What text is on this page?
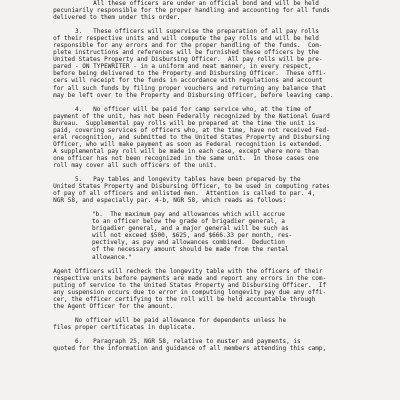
All these officers are under an official bond and will be held
pecuniarily responsible for the proper handling and accounting for all funds
delivered to them under this order.
3.   These officers will supervise the preparation of all pay rolls
of their respective units and will compute the pay rolls and will be held
responsible for any errors and for the proper handling of the funds.  Com-
plete instructions and references will be furnished these officers by the
United States Property and Disbursing Officer.  All pay rolls will be pre-
pared - ON TYPEWRITER - in a uniform and neat manner, in every respect,
before being delivered to the Property and Disbursing Officer.  These offi-
cers will receipt for the funds in accordance with regulations and account
for all such funds by filing proper vouchers and returning any balance that
may be left over to the Property and Disbursing Officer, before leaving camp.
4.   No officer will be paid for camp service who, at the time of
payment of the unit, has not been Federally recognized by the National Guard
Bureau.  Supplemental pay rolls will be prepared at the time the unit is
paid, covering services of officers who, at the time, have not received Fed-
eral recognition, and submitted to the United States Property and Disbursing
Officer, who will make payment as soon as Federal recognition is extended.
A supplemental pay roll will be made in each case, except where more than
one officer has not been recognized in the same unit.  In those cases one
roll may cover all such officers of the unit.
5.   Pay tables and longevity tables have been prepared by the
United States Property and Disbursing Officer, to be used in computing rates
of pay of all officers and enlisted men.  Attention is called to par. 4,
NGR 58, and especially par. 4-b, NGR 58, which reads as follows:
"b.  The maximum pay and allowances which will accrue
to an officer below the grade of brigadier general, a
brigadier general, and a major general will be such as
will not exceed $500, $625, and $666.33 per month, res-
pectively, as pay and allowances combined.  Deduction
of the necessary amount should be made from the rental
allowance."
Agent Officers will recheck the longevity table with the officers of their
respective units before payments are made and report any errors in the com-
puting of service to the United States Property and Disbursing Officer.  If
any suspension occurs due to error in computing longevity pay due any offi-
cer, the officer certifying to the roll will be held accountable through
the Agent Officer for the amount.
No officer will be paid allowance for dependents unless he
files proper certificates in duplicate.
6.   Paragraph 25, NGR 58, relative to muster and payments, is
quoted for the information and guidance of all members attending this camp,
